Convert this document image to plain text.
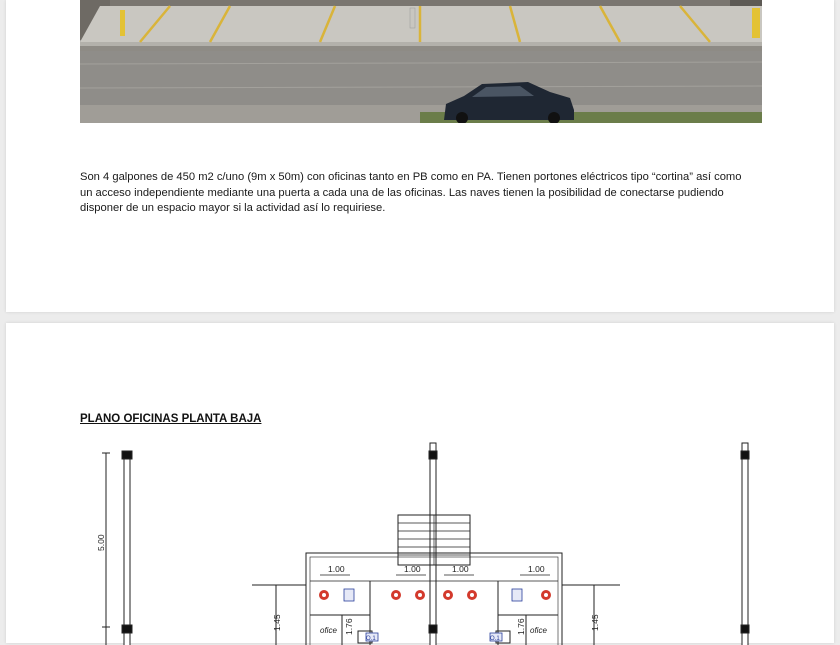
Son 4 galpones de 450 m2 c/uno (9m x 50m) con oficinas tanto en PB como en PA. Tienen portones eléctricos tipo “cortina” así como
un acceso independiente mediante una puerta a cada una de las oficinas. Las naves tienen la posibilidad de conectarse pudiendo
disponer de un espacio mayor si la actividad así lo requiriese.

PLANO OFICINAS PLANTA BAJA

5.00
1.00	1.00	1.00	1.00
1.45	1.45
1.76	1.76
ofice	ofice
O.1	O.1
